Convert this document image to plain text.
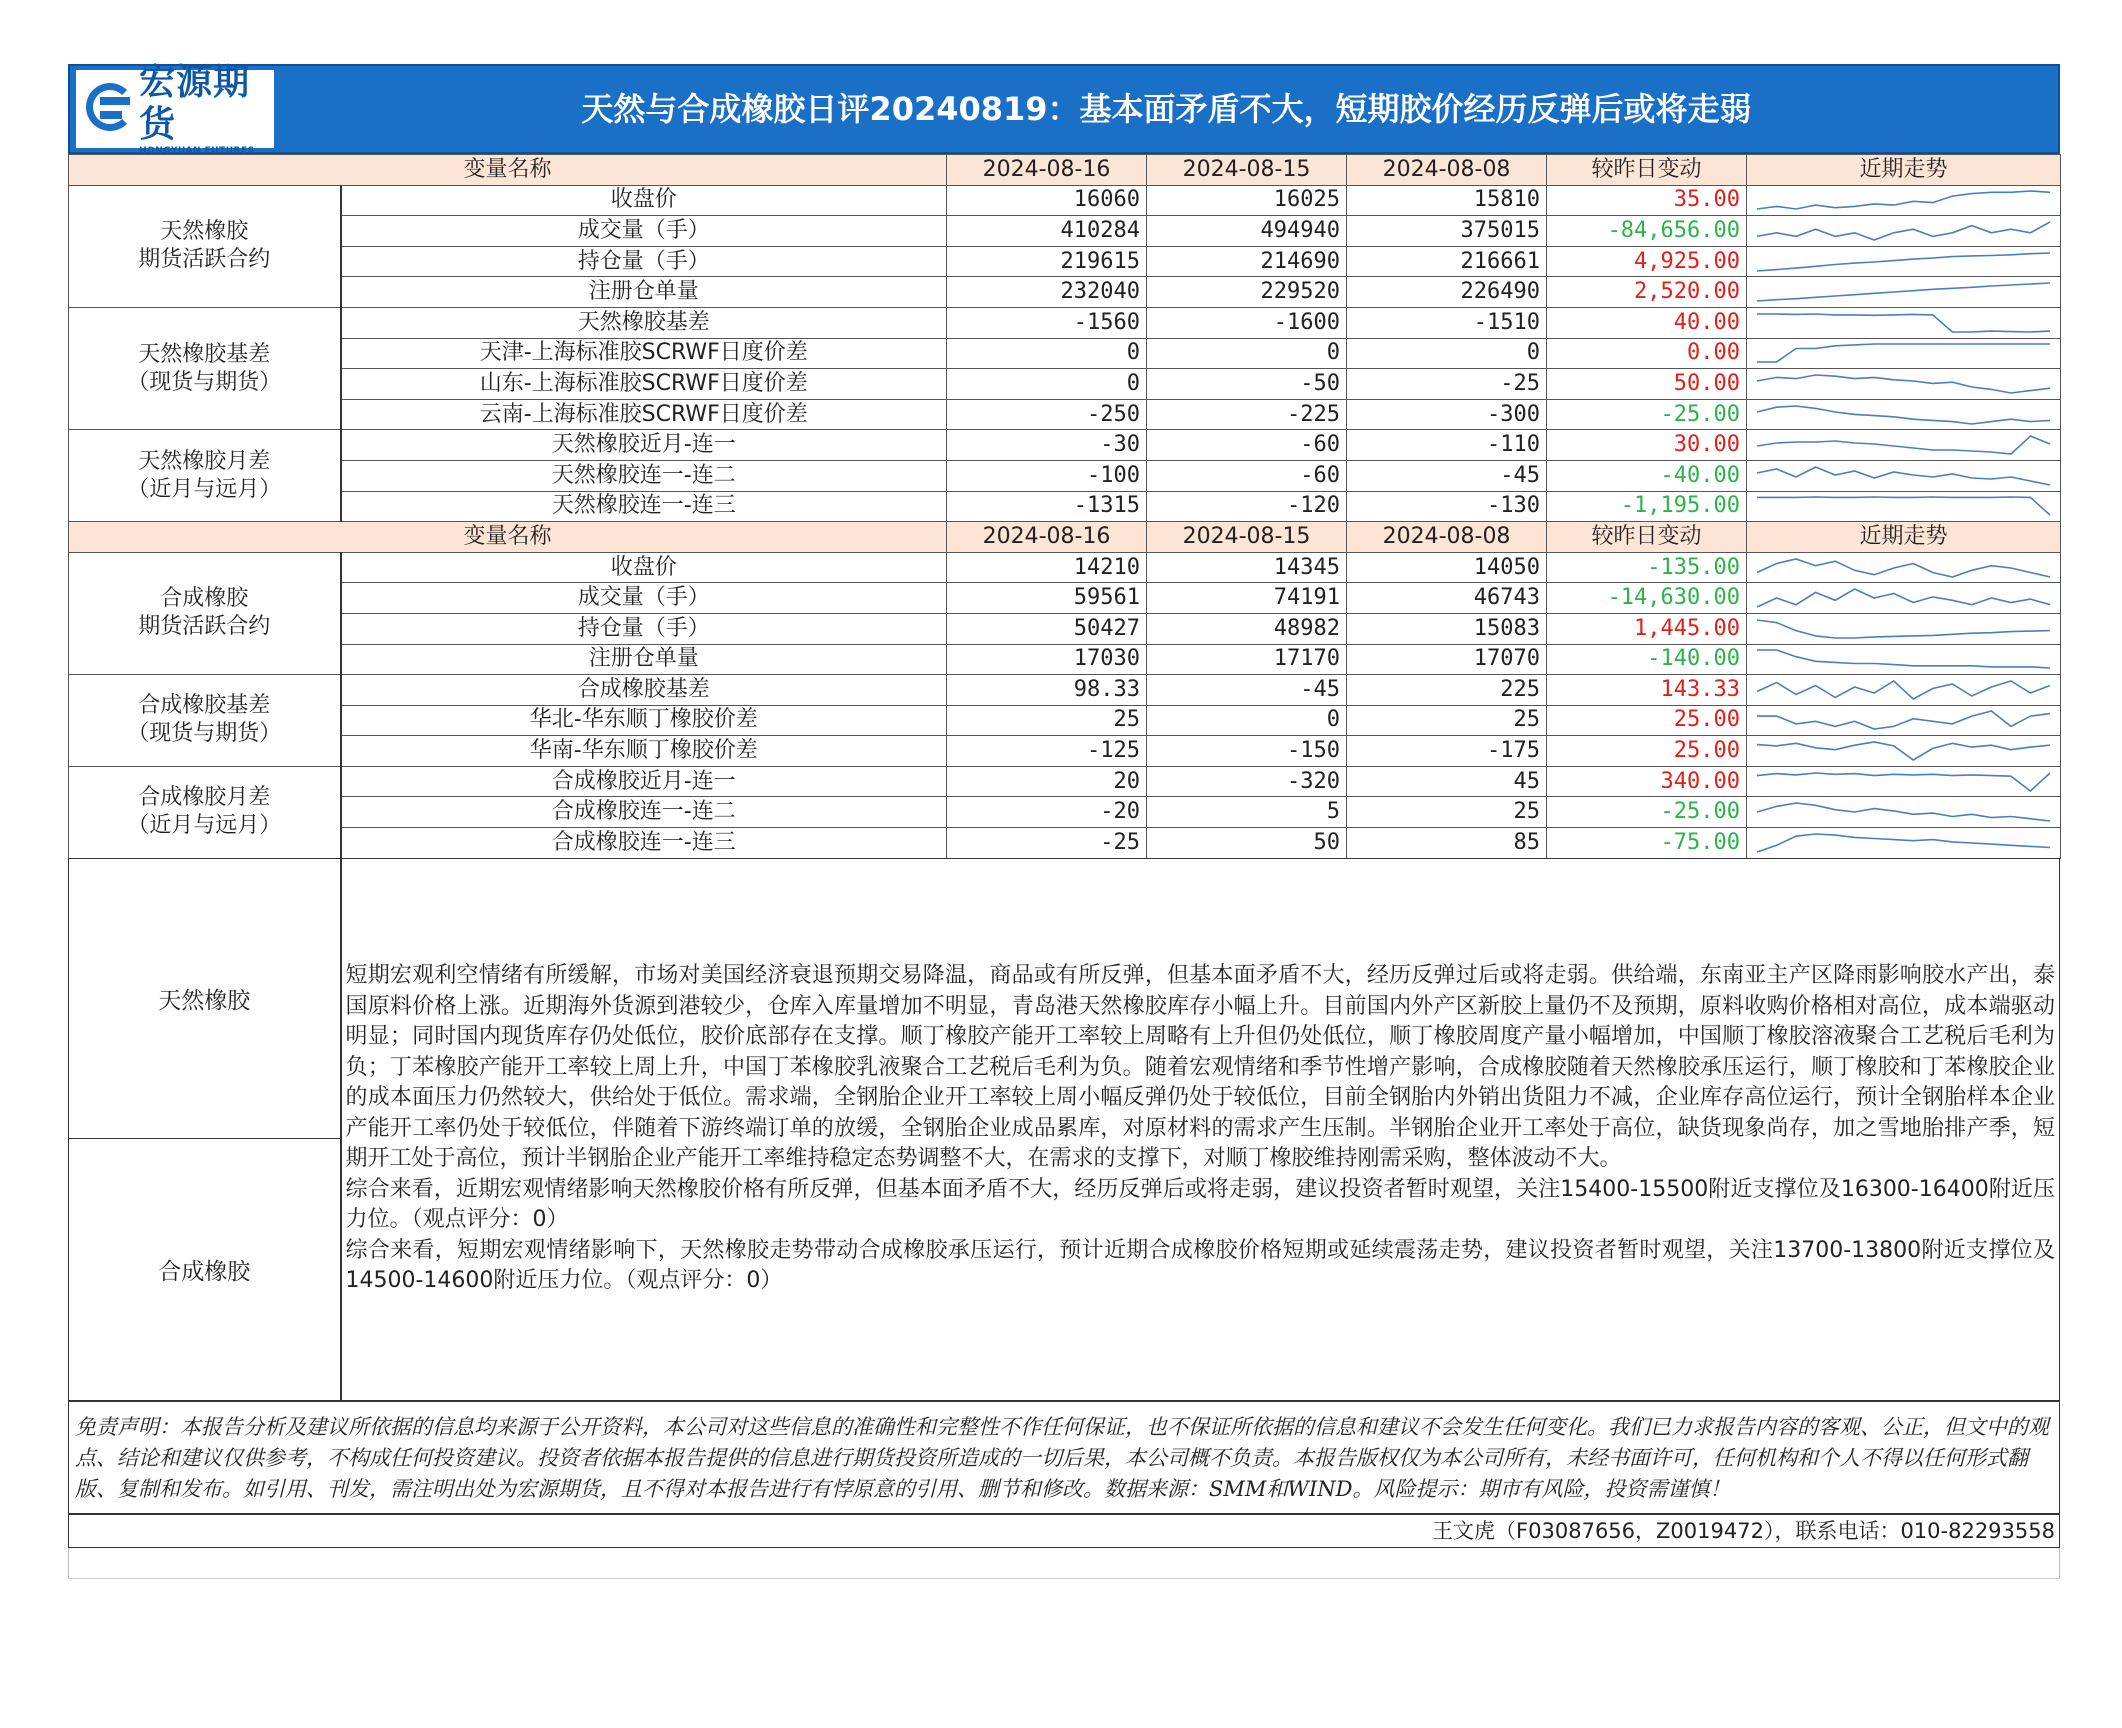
宏源期货
HONGYUAN FUTURES
天然与合成橡胶日评20240819：基本面矛盾不大，短期胶价经历反弹后或将走弱
变量名称		2024-08-16	2024-08-15	2024-08-08	较昨日变动	近期走势

天然橡胶
期货活跃合约	收盘价	16060	16025	15810	35.00	

	成交量（手）	410284	494940	375015	-84,656.00	

	持仓量（手）	219615	214690	216661	4,925.00	

	注册仓单量	232040	229520	226490	2,520.00	

天然橡胶基差
（现货与期货）	天然橡胶基差	-1560	-1600	-1510	40.00	

	天津-上海标准胶SCRWF日度价差	0	0	0	0.00	

	山东-上海标准胶SCRWF日度价差	0	-50	-25	50.00	

	云南-上海标准胶SCRWF日度价差	-250	-225	-300	-25.00	

天然橡胶月差
（近月与远月）	天然橡胶近月-连一	-30	-60	-110	30.00	

	天然橡胶连一-连二	-100	-60	-45	-40.00	

	天然橡胶连一-连三	-1315	-120	-130	-1,195.00	

变量名称		2024-08-16	2024-08-15	2024-08-08	较昨日变动	近期走势

合成橡胶
期货活跃合约	收盘价	14210	14345	14050	-135.00	

	成交量（手）	59561	74191	46743	-14,630.00	

	持仓量（手）	50427	48982	15083	1,445.00	

	注册仓单量	17030	17170	17070	-140.00	

合成橡胶基差
（现货与期货）	合成橡胶基差	98.33	-45	225	143.33	

	华北-华东顺丁橡胶价差	25	0	25	25.00	

	华南-华东顺丁橡胶价差	-125	-150	-175	25.00	

合成橡胶月差
（近月与远月）	合成橡胶近月-连一	20	-320	45	340.00	

	合成橡胶连一-连二	-20	5	25	-25.00	

	合成橡胶连一-连三	-25	50	85	-75.00	
天然橡胶	

短期宏观利空情绪有所缓解，市场对美国经济衰退预期交易降温，商品或有所反弹，但基本面矛盾不大，经历反弹过后或将走弱。供给端，东南亚主产区降雨影响胶水产出，泰国原料价格上涨。近期海外货源到港较少，仓库入库量增加不明显，青岛港天然橡胶库存小幅上升。目前国内外产区新胶上量仍不及预期，原料收购价格相对高位，成本端驱动明显；同时国内现货库存仍处低位，胶价底部存在支撑。顺丁橡胶产能开工率较上周略有上升但仍处低位，顺丁橡胶周度产量小幅增加，中国顺丁橡胶溶液聚合工艺税后毛利为负；丁苯橡胶产能开工率较上周上升，中国丁苯橡胶乳液聚合工艺税后毛利为负。随着宏观情绪和季节性增产影响，合成橡胶随着天然橡胶承压运行，顺丁橡胶和丁苯橡胶企业的成本面压力仍然较大，供给处于低位。需求端，全钢胎企业开工率较上周小幅反弹仍处于较低位，目前全钢胎内外销出货阻力不减，企业库存高位运行，预计全钢胎样本企业产能开工率仍处于较低位，伴随着下游终端订单的放缓，全钢胎企业成品累库，对原材料的需求产生压制。半钢胎企业开工率处于高位，缺货现象尚存，加之雪地胎排产季，短期开工处于高位，预计半钢胎企业产能开工率维持稳定态势调整不大，在需求的支撑下，对顺丁橡胶维持刚需采购，整体波动不大。

综合来看，近期宏观情绪影响天然橡胶价格有所反弹，但基本面矛盾不大，经历反弹后或将走弱，建议投资者暂时观望，关注15400-15500附近支撑位及16300-16400附近压力位。（观点评分：0）

综合来看，短期宏观情绪影响下，天然橡胶走势带动合成橡胶承压运行，预计近期合成橡胶价格短期或延续震荡走势，建议投资者暂时观望，关注13700-13800附近支撑位及14500-14600附近压力位。（观点评分：0）

合成橡胶
免责声明：本报告分析及建议所依据的信息均来源于公开资料，本公司对这些信息的准确性和完整性不作任何保证，也不保证所依据的信息和建议不会发生任何变化。我们已力求报告内容的客观、公正，但文中的观点、结论和建议仅供参考，不构成任何投资建议。投资者依据本报告提供的信息进行期货投资所造成的一切后果，本公司概不负责。本报告版权仅为本公司所有，未经书面许可，任何机构和个人不得以任何形式翻版、复制和发布。如引用、刊发，需注明出处为宏源期货，且不得对本报告进行有悖原意的引用、删节和修改。数据来源：SMM和WIND。风险提示：期市有风险，投资需谨慎！
王文虎（F03087656，Z0019472），联系电话：010-82293558
